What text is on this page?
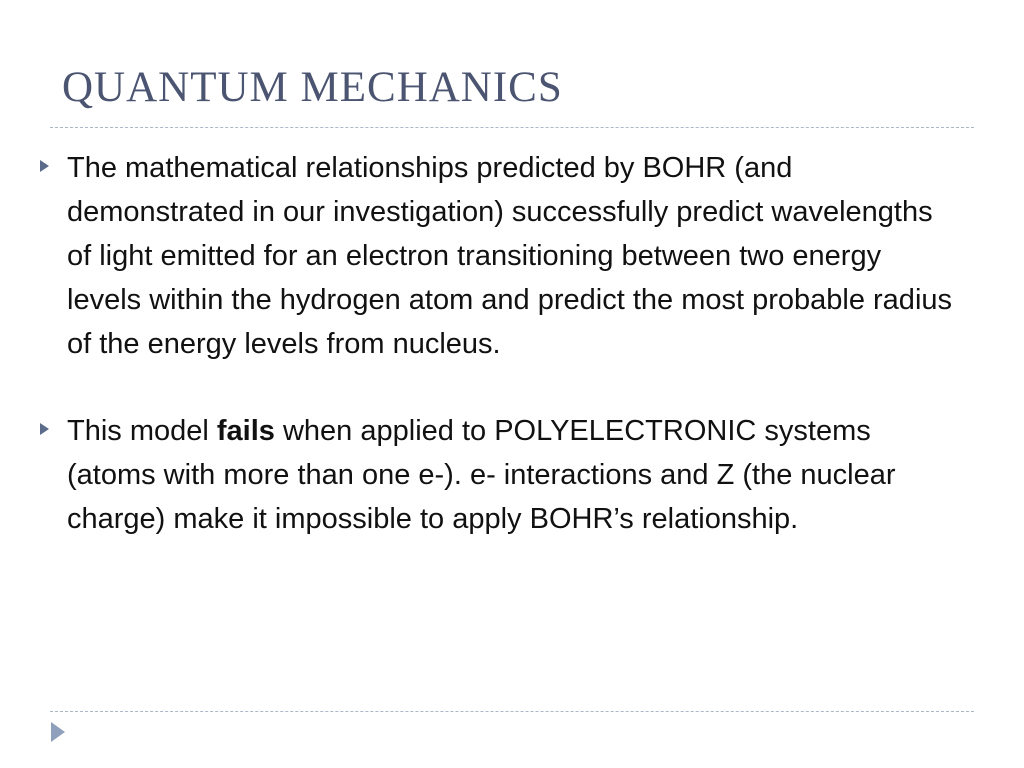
QUANTUM MECHANICS
The mathematical relationships predicted by BOHR (and demonstrated in our investigation) successfully predict wavelengths of light emitted for an electron transitioning between two energy levels within the hydrogen atom and predict the most probable radius of the energy levels from nucleus.
This model fails when applied to POLYELECTRONIC systems (atoms with more than one e-). e- interactions and Z (the nuclear charge) make it impossible to apply BOHR’s relationship.
